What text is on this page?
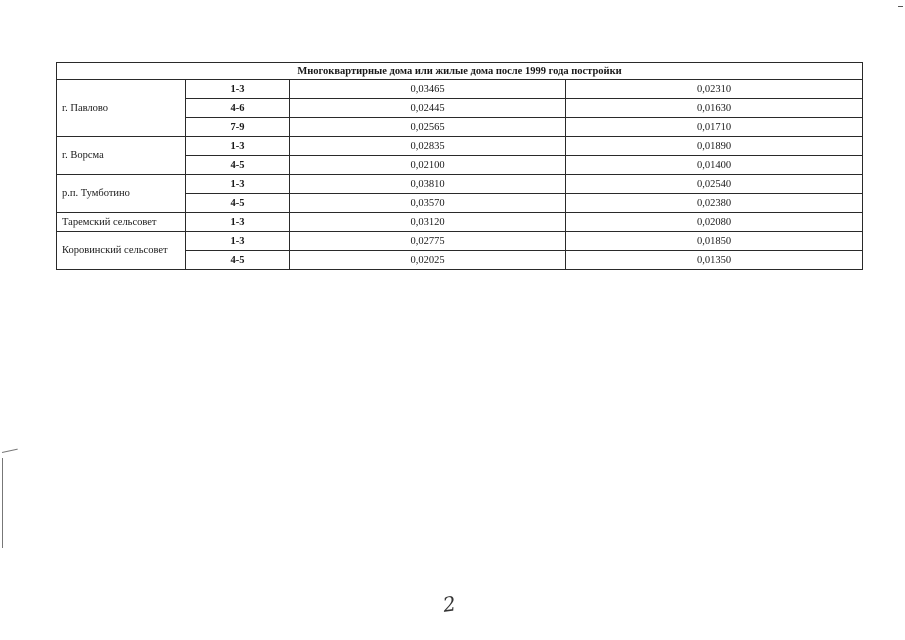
Многоквартирные дома или жилые дома после 1999 года постройки			
г. Павлово	1-3	0,03465	0,02310
	4-6	0,02445	0,01630
	7-9	0,02565	0,01710
г. Ворсма	1-3	0,02835	0,01890
	4-5	0,02100	0,01400
р.п. Тумботино	1-3	0,03810	0,02540
	4-5	0,03570	0,02380
Таремский сельсовет	1-3	0,03120	0,02080
Коровинский сельсовет	1-3	0,02775	0,01850
	4-5	0,02025	0,01350
2
